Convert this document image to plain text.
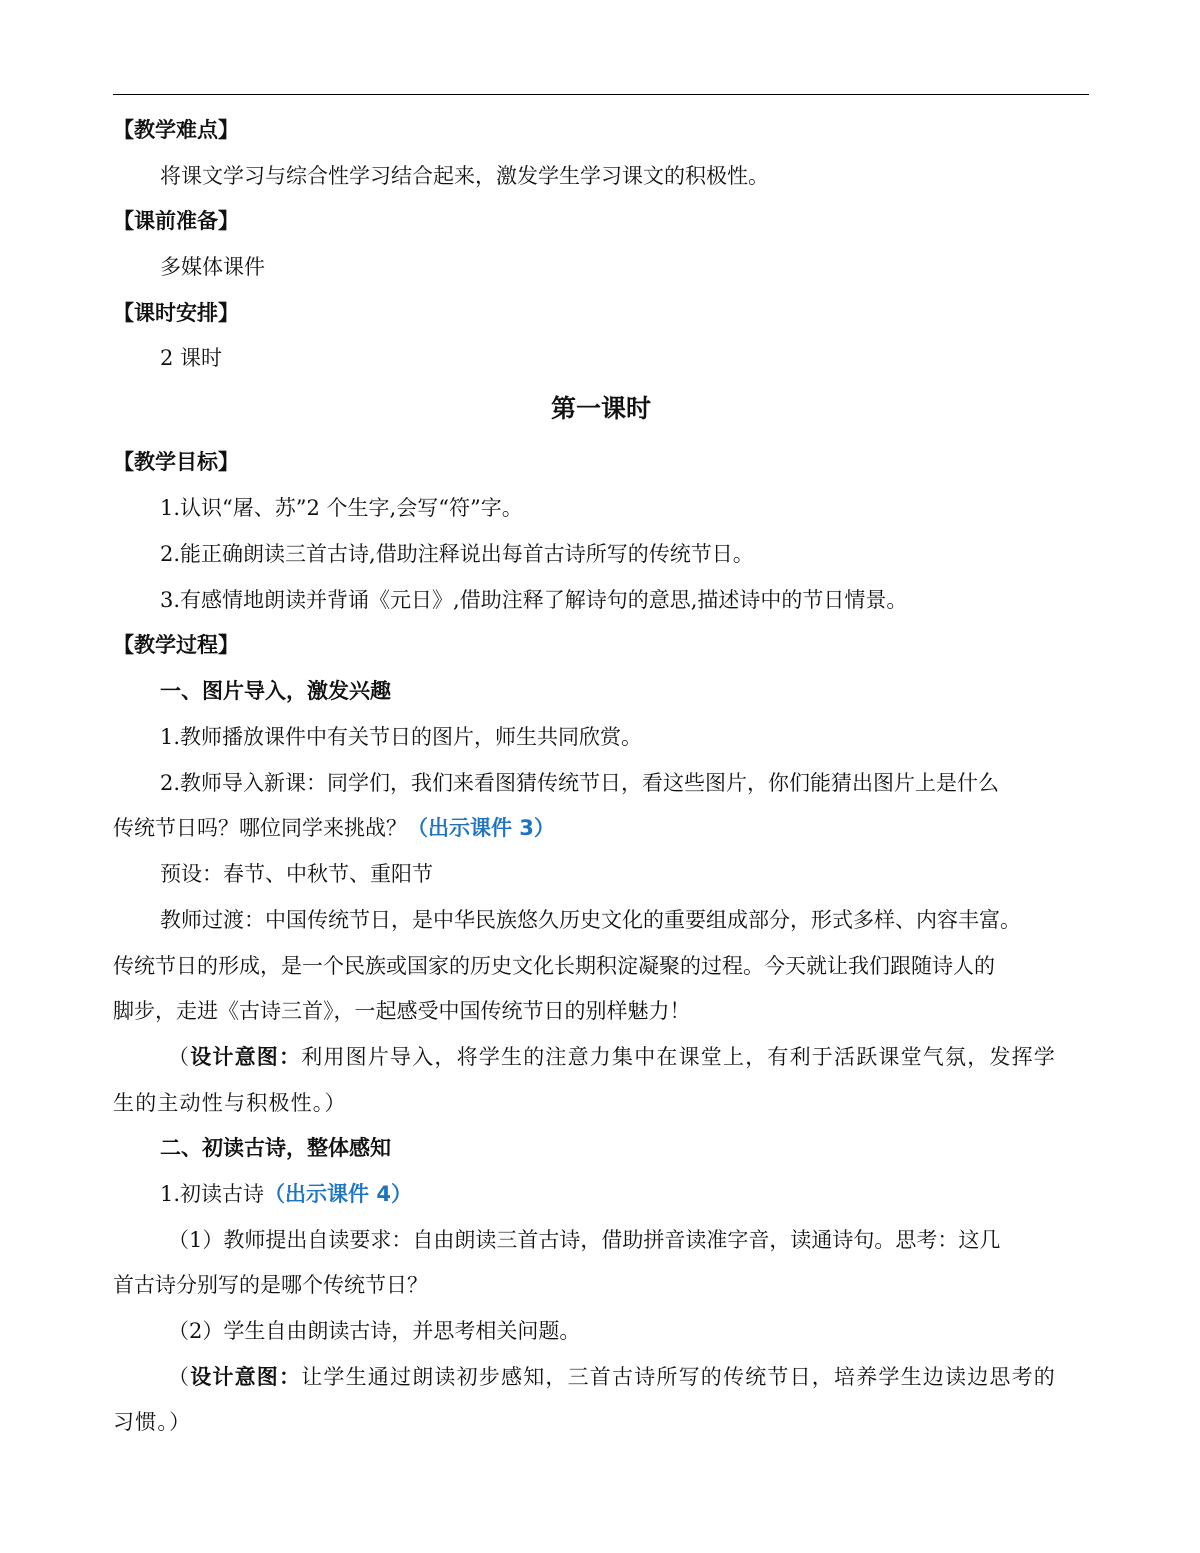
【教学难点】
将课文学习与综合性学习结合起来，激发学生学习课文的积极性。
【课前准备】
多媒体课件
【课时安排】
2 课时
第一课时
【教学目标】
1.认识“屠、苏”2 个生字,会写“符”字。
2.能正确朗读三首古诗,借助注释说出每首古诗所写的传统节日。
3.有感情地朗读并背诵《元日》,借助注释了解诗句的意思,描述诗中的节日情景。
【教学过程】
一、图片导入，激发兴趣
1.教师播放课件中有关节日的图片，师生共同欣赏。
2.教师导入新课：同学们，我们来看图猜传统节日，看这些图片，你们能猜出图片上是什么
传统节日吗？哪位同学来挑战？（出示课件 3）
预设：春节、中秋节、重阳节
教师过渡：中国传统节日，是中华民族悠久历史文化的重要组成部分，形式多样、内容丰富。
传统节日的形成，是一个民族或国家的历史文化长期积淀凝聚的过程。今天就让我们跟随诗人的
脚步，走进《古诗三首》，一起感受中国传统节日的别样魅力！
（设计意图：利用图片导入，将学生的注意力集中在课堂上，有利于活跃课堂气氛，发挥学
生的主动性与积极性。）
二、初读古诗，整体感知
1.初读古诗（出示课件 4）
（1）教师提出自读要求：自由朗读三首古诗，借助拼音读准字音，读通诗句。思考：这几
首古诗分别写的是哪个传统节日？
（2）学生自由朗读古诗，并思考相关问题。
（设计意图：让学生通过朗读初步感知，三首古诗所写的传统节日，培养学生边读边思考的
习惯。）
